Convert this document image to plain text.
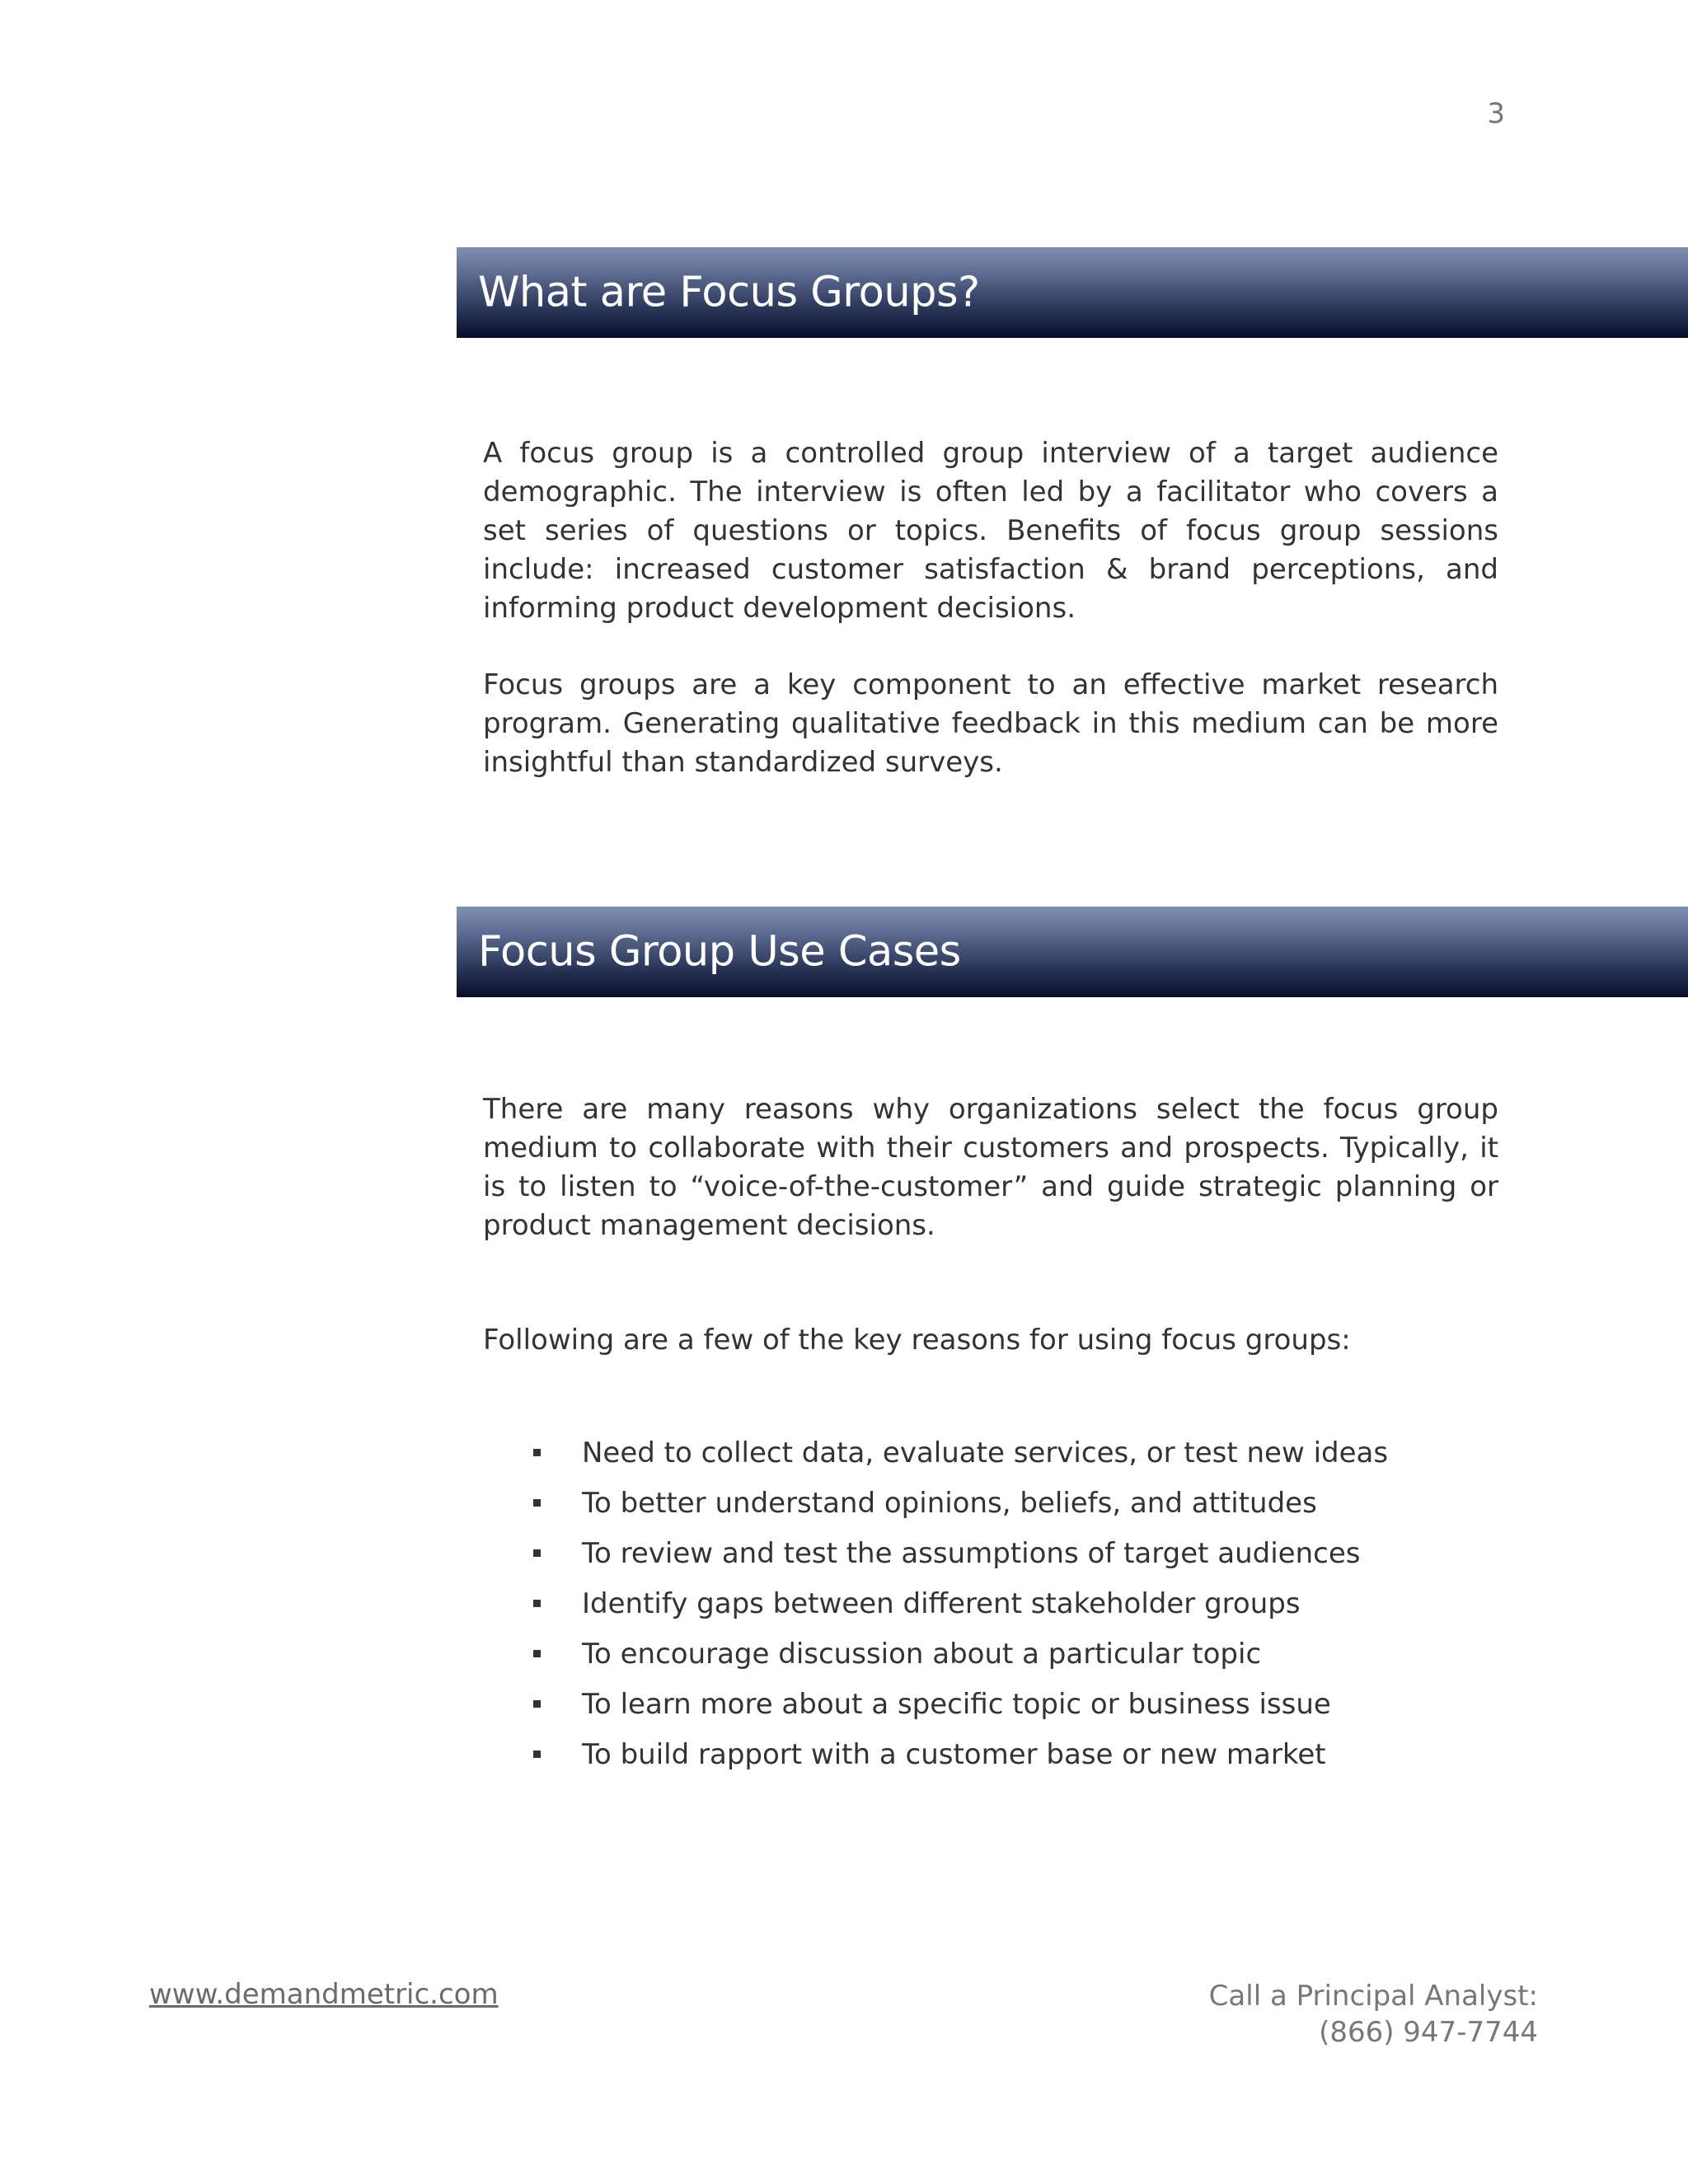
3
What are Focus Groups?

A focus group is a controlled group interview of a target audience demographic. The interview is often led by a facilitator who covers a set series of questions or topics. Benefits of focus group sessions include: increased customer satisfaction & brand perceptions, and informing product development decisions.

Focus groups are a key component to an effective market research program. Generating qualitative feedback in this medium can be more insightful than standardized surveys.

Focus Group Use Cases

There are many reasons why organizations select the focus group medium to collaborate with their customers and prospects. Typically, it is to listen to “voice-of-the-customer” and guide strategic planning or product management decisions.

Following are a few of the key reasons for using focus groups:

Need to collect data, evaluate services, or test new ideas
To better understand opinions, beliefs, and attitudes
To review and test the assumptions of target audiences
Identify gaps between different stakeholder groups
To encourage discussion about a particular topic
To learn more about a specific topic or business issue
To build rapport with a customer base or new market
www.demandmetric.com	Call a Principal Analyst:
(866) 947-7744
